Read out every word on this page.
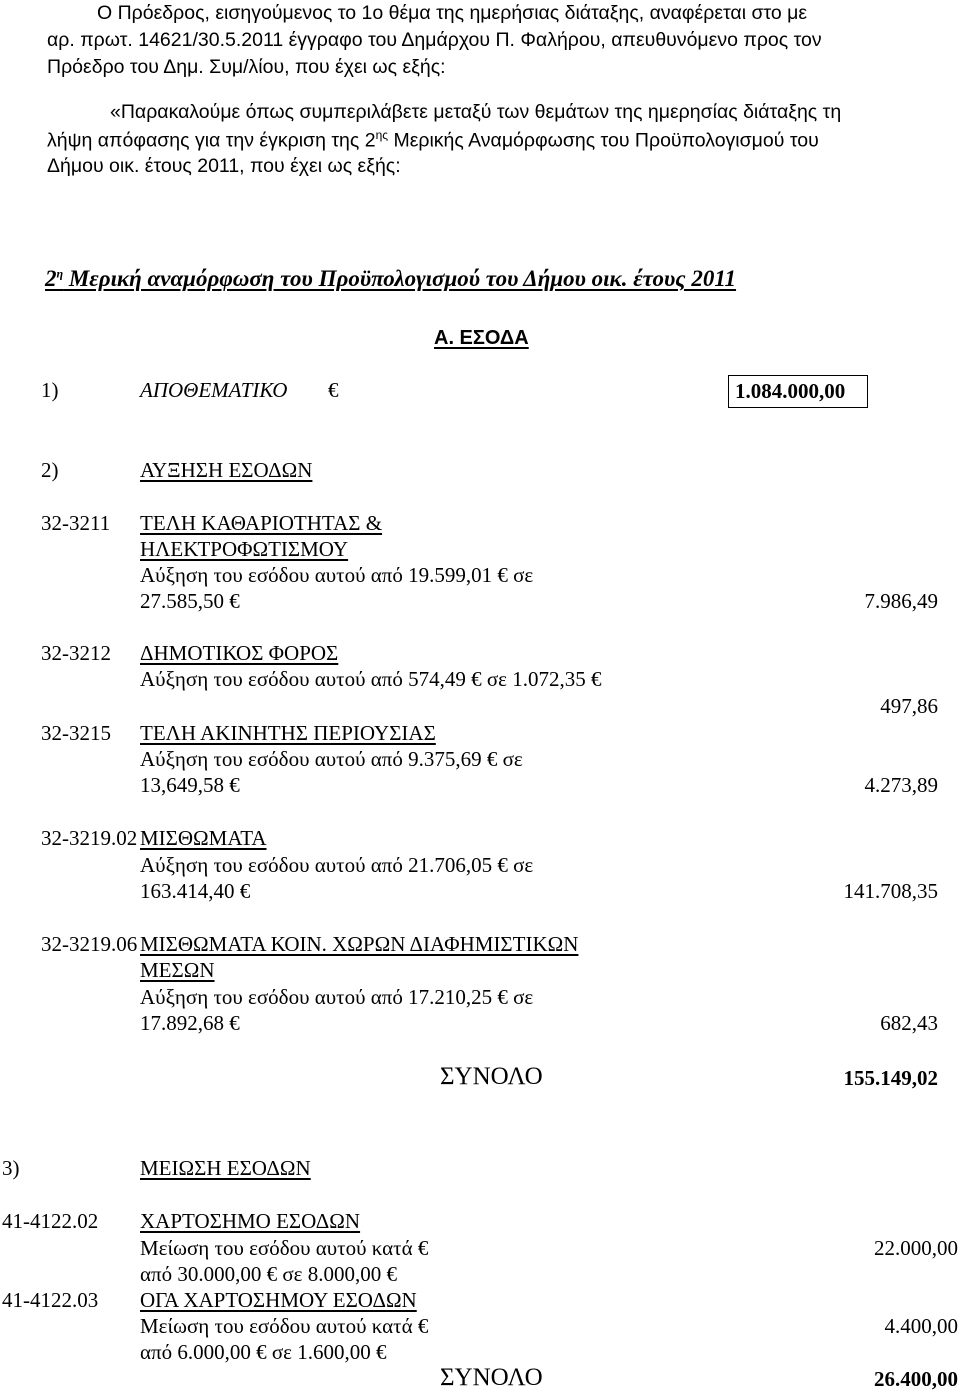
Ο Πρόεδρος, εισηγούμενος το 1ο θέμα της ημερήσιας διάταξης, αναφέρεται στο με
αρ. πρωτ. 14621/30.5.2011 έγγραφο του Δημάρχου Π. Φαλήρου, απευθυνόμενο προς τον
Πρόεδρο του Δημ. Συμ/λίου, που έχει ως εξής:
«Παρακαλούμε όπως συμπεριλάβετε μεταξύ των θεμάτων της ημερησίας διάταξης τη
λήψη απόφασης για την έγκριση της $2^{\eta\varsigma}$ Μερικής Αναμόρφωσης του Προϋπολογισμού του
Δήμου οικ. έτους 2011, που έχει ως εξής:
$2^\eta$ Μερική αναμόρφωση του Προϋπολογισμού του Δήμου οικ. έτους 2011
Α. ΕΣΟΔΑ
1)	ΑΠΟΘΕΜΑΤΙΚΟ €	1.084.000,00
2)	ΑΥΞΗΣΗ ΕΣΟΔΩΝ
32-3211 ΤΕΛΗ ΚΑΘΑΡΙΟΤΗΤΑΣ &
ΗΛΕΚΤΡΟΦΩΤΙΣΜΟΥ
Αύξηση του εσόδου αυτού από 19.599,01 € σε
27.585,50 €	7.986,49
32-3212 ΔΗΜΟΤΙΚΟΣ ΦΟΡΟΣ
Αύξηση του εσόδου αυτού από 574,49 € σε 1.072,35 €
497,86
32-3215 ΤΕΛΗ ΑΚΙΝΗΤΗΣ ΠΕΡΙΟΥΣΙΑΣ
Αύξηση του εσόδου αυτού από 9.375,69 € σε
13,649,58 €	4.273,89
32-3219.02 ΜΙΣΘΩΜΑΤΑ
Αύξηση του εσόδου αυτού από 21.706,05 € σε
163.414,40 €	141.708,35
32-3219.06 ΜΙΣΘΩΜΑΤΑ ΚΟΙΝ. ΧΩΡΩΝ ΔΙΑΦΗΜΙΣΤΙΚΩΝ
ΜΕΣΩΝ
Αύξηση του εσόδου αυτού από 17.210,25 € σε
17.892,68 €	682,43
ΣΥΝΟΛΟ	155.149,02
3)	ΜΕΙΩΣΗ ΕΣΟΔΩΝ
41-4122.02 ΧΑΡΤΟΣΗΜΟ ΕΣΟΔΩΝ
Μείωση του εσόδου αυτού κατά €	22.000,00
από 30.000,00 € σε 8.000,00 €
41-4122.03 ΟΓΑ ΧΑΡΤΟΣΗΜΟΥ ΕΣΟΔΩΝ
Μείωση του εσόδου αυτού κατά €	4.400,00
από 6.000,00 € σε 1.600,00 €
ΣΥΝΟΛΟ	26.400,00
